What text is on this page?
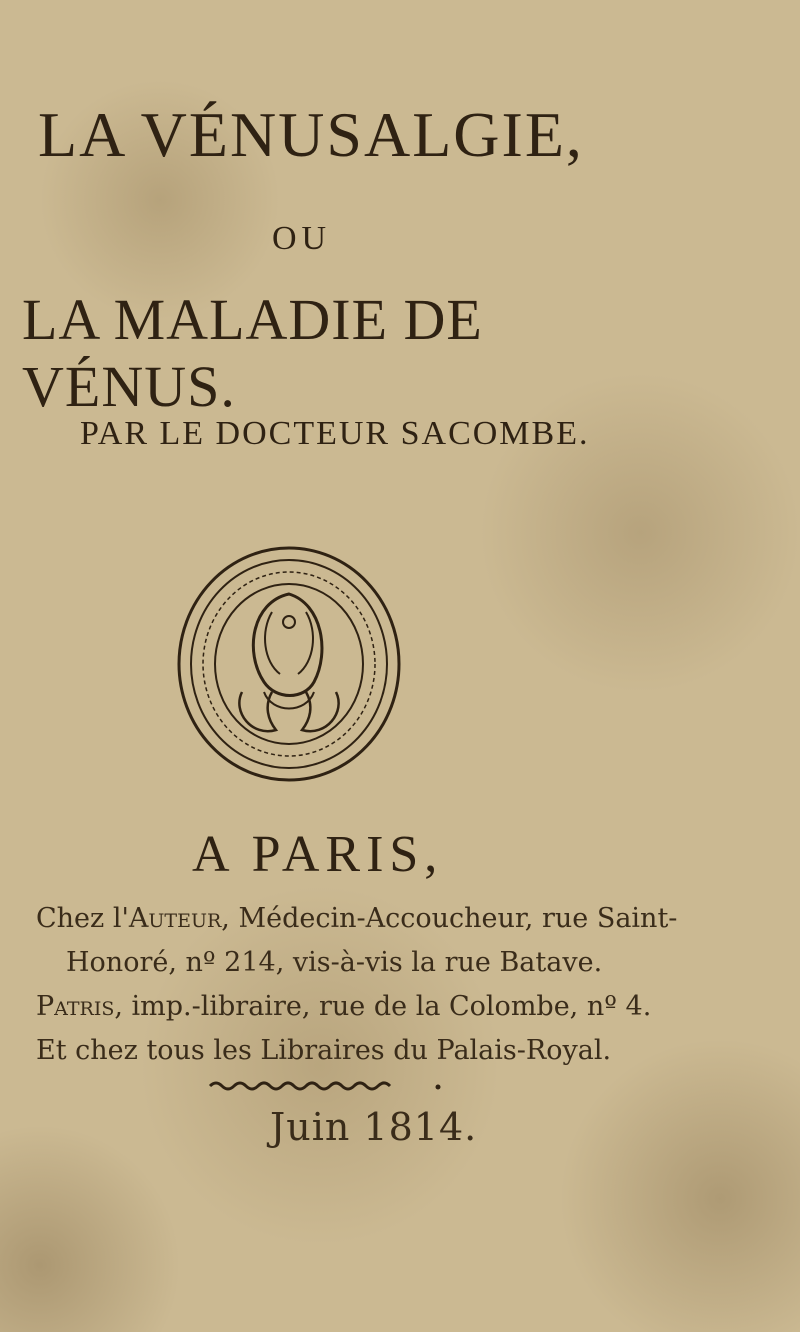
LA VÉNUSALGIE,
OU
LA MALADIE DE VÉNUS.
PAR LE DOCTEUR SACOMBE.
A PARIS,
Chez l'Auteur, Médecin-Accoucheur, rue Saint-
Honoré, nº 214, vis-à-vis la rue Batave.
Patris, imp.-libraire, rue de la Colombe, nº 4.
Et chez tous les Libraires du Palais-Royal.
Juin 1814.
